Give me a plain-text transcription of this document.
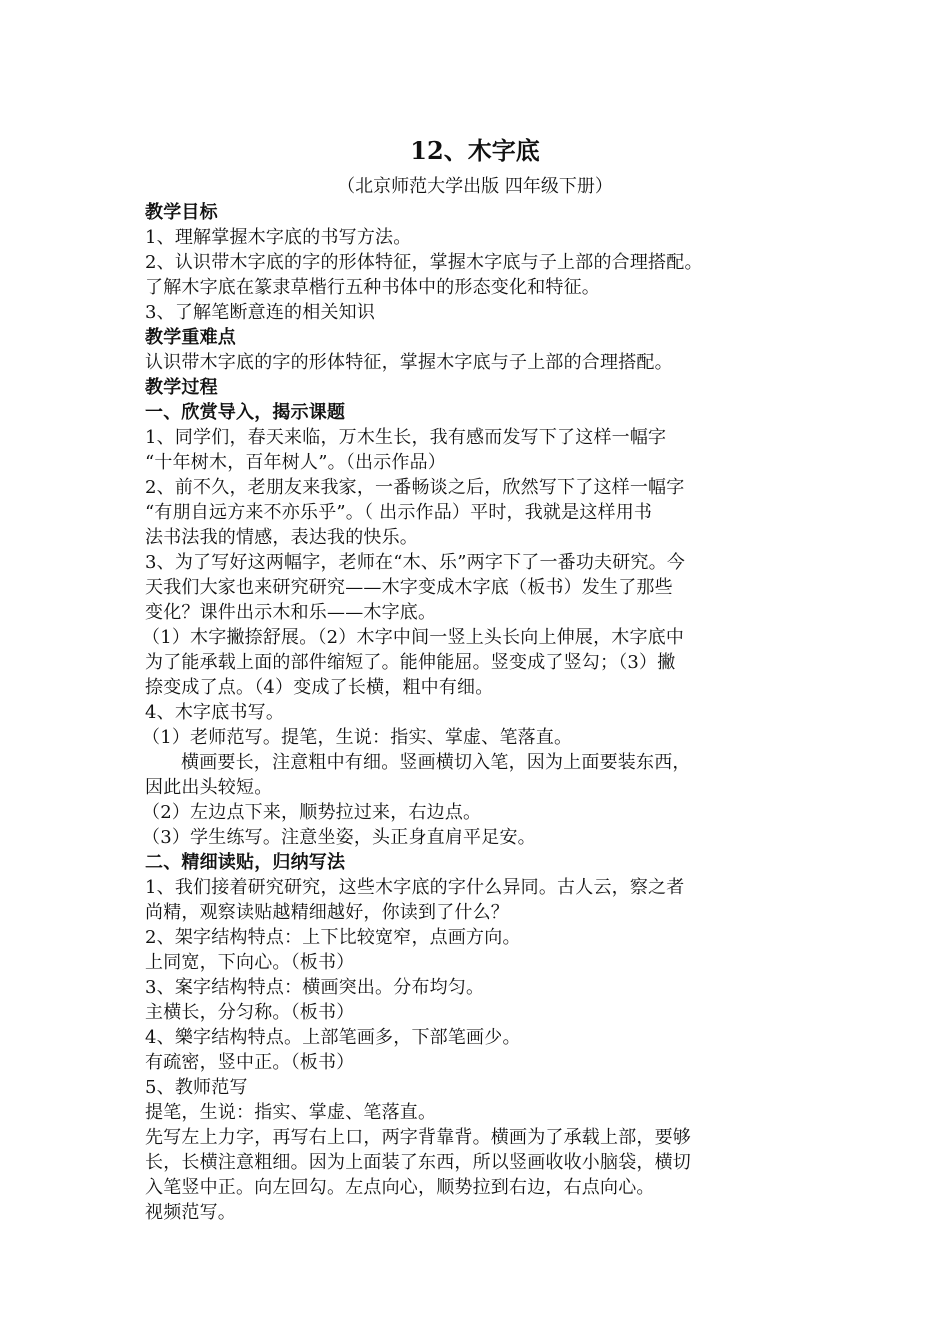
12、木字底
（北京师范大学出版 四年级下册）

教学目标

1、理解掌握木字底的书写方法。

2、认识带木字底的字的形体特征，掌握木字底与子上部的合理搭配。

了解木字底在篆隶草楷行五种书体中的形态变化和特征。

3、了解笔断意连的相关知识

教学重难点

认识带木字底的字的形体特征，掌握木字底与子上部的合理搭配。

教学过程

一、欣赏导入，揭示课题

1、同学们，春天来临，万木生长，我有感而发写下了这样一幅字

“十年树木，百年树人”。（出示作品）

2、前不久，老朋友来我家，一番畅谈之后，欣然写下了这样一幅字

“有朋自远方来不亦乐乎”。（ 出示作品）平时，我就是这样用书

法书法我的情感，表达我的快乐。

3、为了写好这两幅字，老师在“木、乐”两字下了一番功夫研究。今

天我们大家也来研究研究——木字变成木字底（板书）发生了那些

变化？课件出示木和乐——木字底。

（1）木字撇捺舒展。（2）木字中间一竖上头长向上伸展，木字底中

为了能承载上面的部件缩短了。能伸能屈。竖变成了竖勾；（3）撇

捺变成了点。（4）变成了长横，粗中有细。

4、木字底书写。

（1）老师范写。提笔，生说：指实、掌虚、笔落直。

横画要长，注意粗中有细。竖画横切入笔，因为上面要装东西，

因此出头较短。

（2）左边点下来，顺势拉过来，右边点。

（3）学生练写。注意坐姿，头正身直肩平足安。

二、精细读贴，归纳写法

1、我们接着研究研究，这些木字底的字什么异同。古人云，察之者

尚精，观察读贴越精细越好，你读到了什么？

2、架字结构特点：上下比较宽窄，点画方向。

上同宽，下向心。（板书）

3、案字结构特点：横画突出。分布均匀。

主横长，分匀称。（板书）

4、樂字结构特点。上部笔画多，下部笔画少。

有疏密，竖中正。（板书）

5、教师范写

提笔，生说：指实、掌虚、笔落直。

先写左上力字，再写右上口，两字背靠背。横画为了承载上部，要够

长，长横注意粗细。因为上面装了东西，所以竖画收收小脑袋，横切

入笔竖中正。向左回勾。左点向心，顺势拉到右边，右点向心。

视频范写。
